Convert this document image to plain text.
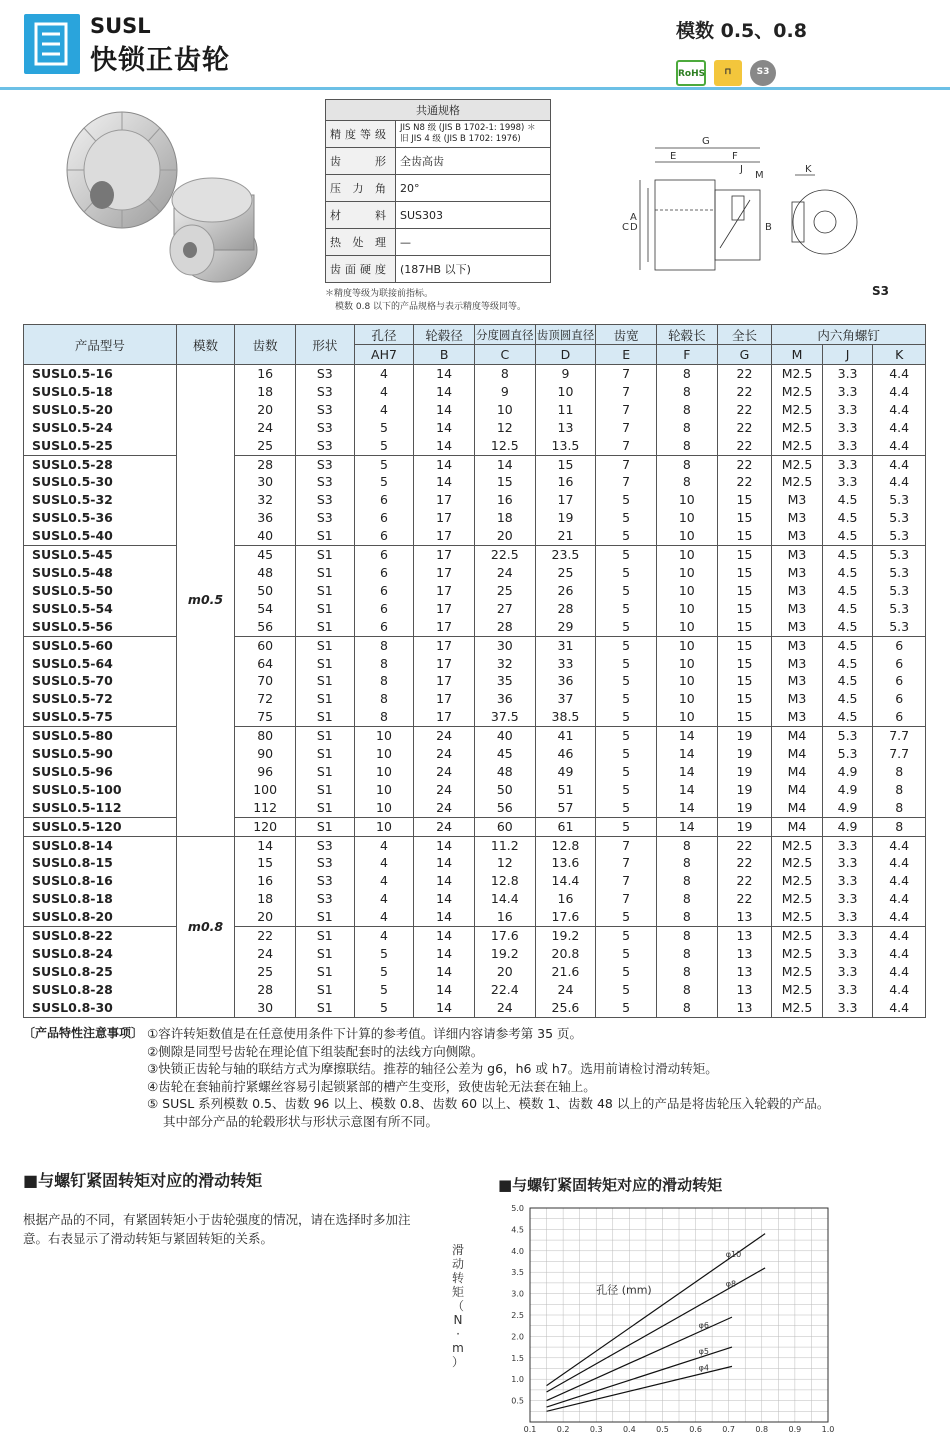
SUSL
快锁正齿轮
模数 0.5、0.8
RoHS	⊓	S3
共通规格	
精度等级	JIS N8 级 (JIS B 1702-1: 1998) ＊
旧 JIS 4 级 (JIS B 1702: 1976)
齿　　形	全齿高齿
压 力 角	20°
材　　料	SUS303
热 处 理	—
齿面硬度	(187HB 以下)
＊精度等级为联接前指标。
模数 0.8 以下的产品规格与表示精度等级同等。
G
E	F
D
C
A
B
M
J	K
S3
产品型号	模数	齿数	形状	孔径	轮毂径	分度圆直径	齿顶圆直径	齿宽	轮毂长	全长	内六角螺钉		
				AH7	B	C	D	E	F	G	M	J	K
SUSL0.5-16	m0.5	16	S3	4	14	8	9	7	8	22	M2.5	3.3	4.4
SUSL0.5-18		18	S3	4	14	9	10	7	8	22	M2.5	3.3	4.4
SUSL0.5-20		20	S3	4	14	10	11	7	8	22	M2.5	3.3	4.4
SUSL0.5-24		24	S3	5	14	12	13	7	8	22	M2.5	3.3	4.4
SUSL0.5-25		25	S3	5	14	12.5	13.5	7	8	22	M2.5	3.3	4.4
SUSL0.5-28		28	S3	5	14	14	15	7	8	22	M2.5	3.3	4.4
SUSL0.5-30		30	S3	5	14	15	16	7	8	22	M2.5	3.3	4.4
SUSL0.5-32		32	S3	6	17	16	17	5	10	15	M3	4.5	5.3
SUSL0.5-36		36	S3	6	17	18	19	5	10	15	M3	4.5	5.3
SUSL0.5-40		40	S1	6	17	20	21	5	10	15	M3	4.5	5.3
SUSL0.5-45		45	S1	6	17	22.5	23.5	5	10	15	M3	4.5	5.3
SUSL0.5-48		48	S1	6	17	24	25	5	10	15	M3	4.5	5.3
SUSL0.5-50		50	S1	6	17	25	26	5	10	15	M3	4.5	5.3
SUSL0.5-54		54	S1	6	17	27	28	5	10	15	M3	4.5	5.3
SUSL0.5-56		56	S1	6	17	28	29	5	10	15	M3	4.5	5.3
SUSL0.5-60		60	S1	8	17	30	31	5	10	15	M3	4.5	6
SUSL0.5-64		64	S1	8	17	32	33	5	10	15	M3	4.5	6
SUSL0.5-70		70	S1	8	17	35	36	5	10	15	M3	4.5	6
SUSL0.5-72		72	S1	8	17	36	37	5	10	15	M3	4.5	6
SUSL0.5-75		75	S1	8	17	37.5	38.5	5	10	15	M3	4.5	6
SUSL0.5-80		80	S1	10	24	40	41	5	14	19	M4	5.3	7.7
SUSL0.5-90		90	S1	10	24	45	46	5	14	19	M4	5.3	7.7
SUSL0.5-96		96	S1	10	24	48	49	5	14	19	M4	4.9	8
SUSL0.5-100		100	S1	10	24	50	51	5	14	19	M4	4.9	8
SUSL0.5-112		112	S1	10	24	56	57	5	14	19	M4	4.9	8
SUSL0.5-120		120	S1	10	24	60	61	5	14	19	M4	4.9	8
SUSL0.8-14	m0.8	14	S3	4	14	11.2	12.8	7	8	22	M2.5	3.3	4.4
SUSL0.8-15		15	S3	4	14	12	13.6	7	8	22	M2.5	3.3	4.4
SUSL0.8-16		16	S3	4	14	12.8	14.4	7	8	22	M2.5	3.3	4.4
SUSL0.8-18		18	S3	4	14	14.4	16	7	8	22	M2.5	3.3	4.4
SUSL0.8-20		20	S1	4	14	16	17.6	5	8	13	M2.5	3.3	4.4
SUSL0.8-22		22	S1	4	14	17.6	19.2	5	8	13	M2.5	3.3	4.4
SUSL0.8-24		24	S1	5	14	19.2	20.8	5	8	13	M2.5	3.3	4.4
SUSL0.8-25		25	S1	5	14	20	21.6	5	8	13	M2.5	3.3	4.4
SUSL0.8-28		28	S1	5	14	22.4	24	5	8	13	M2.5	3.3	4.4
SUSL0.8-30		30	S1	5	14	24	25.6	5	8	13	M2.5	3.3	4.4
〔产品特性注意事项〕 ①容许转矩数值是在任意使用条件下计算的参考值。详细内容请参考第 35 页。
②侧隙是同型号齿轮在理论值下组装配套时的法线方向侧隙。
③快锁正齿轮与轴的联结方式为摩擦联结。推荐的轴径公差为 g6，h6 或 h7。选用前请检讨滑动转矩。
④齿轮在套轴前拧紧螺丝容易引起锁紧部的槽产生变形，致使齿轮无法套在轴上。
⑤ SUSL 系列模数 0.5、齿数 96 以上、模数 0.8、齿数 60 以上、模数 1、齿数 48 以上的产品是将齿轮压入轮毂的产品。
其中部分产品的轮毂形状与形状示意图有所不同。
■与螺钉紧固转矩对应的滑动转矩
根据产品的不同，有紧固转矩小于齿轮强度的情况，请在选择时多加注意。右表显示了滑动转矩与紧固转矩的关系。
■与螺钉紧固转矩对应的滑动转矩
0.1	0.2	0.3	0.4	0.5	0.6	0.7	0.8	0.9	1.0
0.5
1.0
1.5
2.0
2.5
3.0
3.5
4.0
4.5
5.0
滑
动
转
矩
（
N
·
m
）
孔径 (mm)
φ10
φ8
φ6
φ5
φ4
